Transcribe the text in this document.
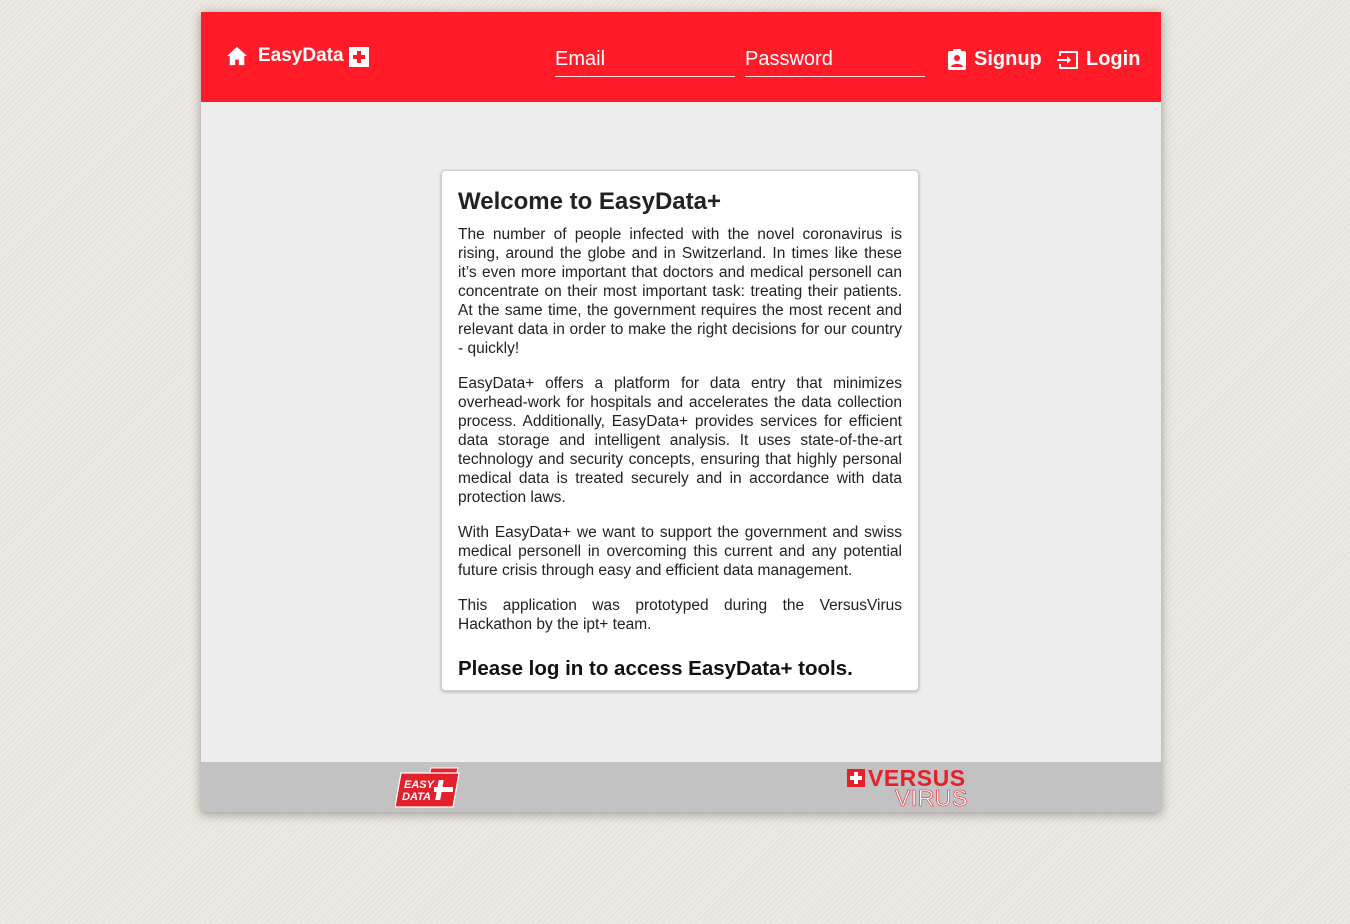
EasyData
Email	Signup Login
Welcome to EasyData+

The number of people infected with the novel coronavirus is rising, around the globe and in Switzerland. In times like these it’s even more important that doctors and medical personell can concentrate on their most important task: treating their patients. At the same time, the government requires the most recent and relevant data in order to make the right decisions for our country - quickly!

EasyData+ offers a platform for data entry that minimizes overhead-work for hospitals and accelerates the data collection process. Additionally, EasyData+ provides services for efficient data storage and intelligent analysis. It uses state-of-the-art technology and security concepts, ensuring that highly personal medical data is treated securely and in accordance with data protection laws.

With EasyData+ we want to support the government and swiss medical personell in overcoming this current and any potential future crisis through easy and efficient data management.

This application was prototyped during the VersusVirus Hackathon by the ipt+ team.

Please log in to access EasyData+ tools.
EASY
DATA
VERSUS
VIRUS
